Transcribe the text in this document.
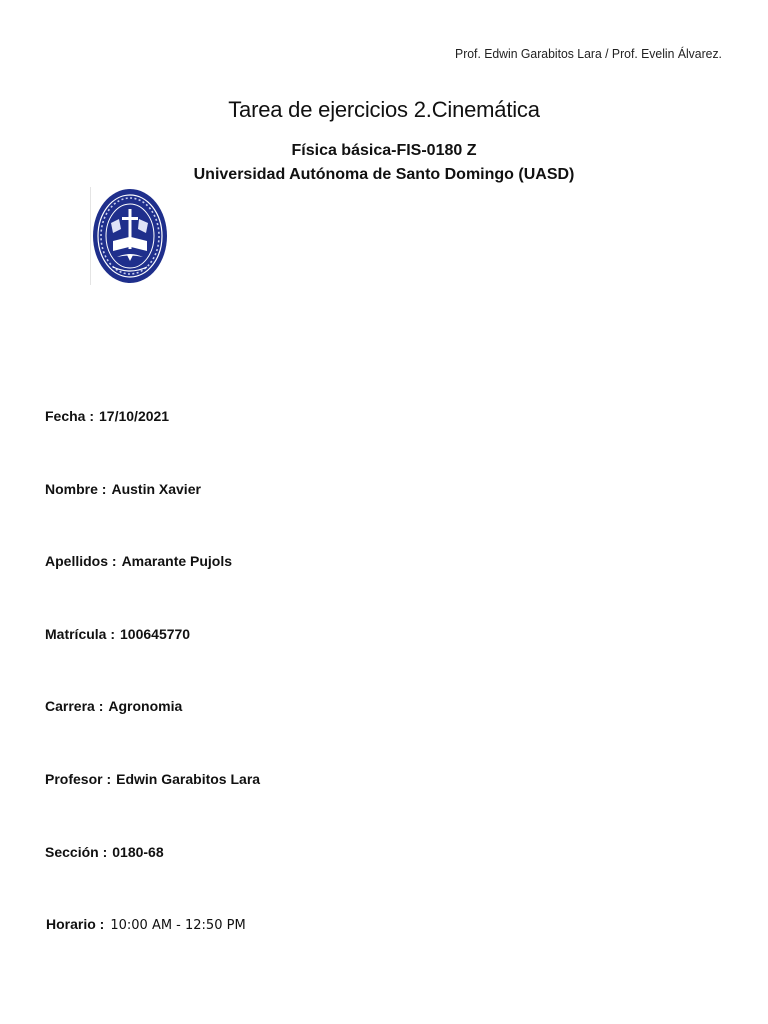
Prof. Edwin Garabitos Lara / Prof. Evelin Álvarez.
Tarea de ejercicios 2.Cinemática
Física básica-FIS-0180 Z
Universidad Autónoma de Santo Domingo (UASD)
Fecha : 17/10/2021
Nombre : Austin Xavier
Apellidos : Amarante Pujols
Matrícula : 100645770
Carrera : Agronomia
Profesor : Edwin Garabitos Lara
Sección : 0180-68
Horario : 10:00 AM - 12:50 PM
